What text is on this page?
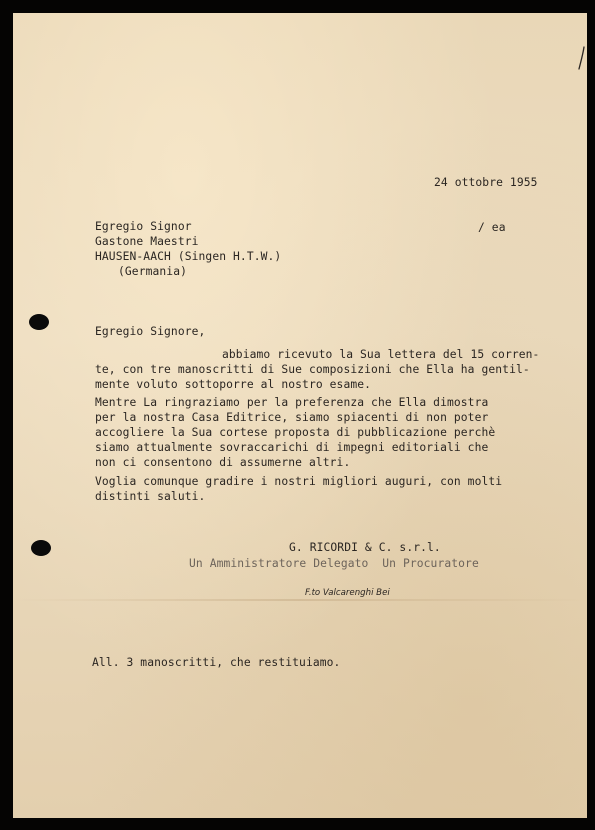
24 ottobre 1955
Egregio Signor	/ ea
Gastone Maestri
HAUSEN-AACH (Singen H.T.W.)
(Germania)
Egregio Signore,
abbiamo ricevuto la Sua lettera del 15 corren-
te, con tre manoscritti di Sue composizioni che Ella ha gentil-
mente voluto sottoporre al nostro esame.
Mentre La ringraziamo per la preferenza che Ella dimostra
per la nostra Casa Editrice, siamo spiacenti di non poter
accogliere la Sua cortese proposta di pubblicazione perchè
siamo attualmente sovraccarichi di impegni editoriali che
non ci consentono di assumerne altri.
Voglia comunque gradire i nostri migliori auguri, con molti
distinti saluti.
G. RICORDI & C. s.r.l.
Un Amministratore Delegato  Un Procuratore
F.to Valcarenghi Bei
All. 3 manoscritti, che restituiamo.
